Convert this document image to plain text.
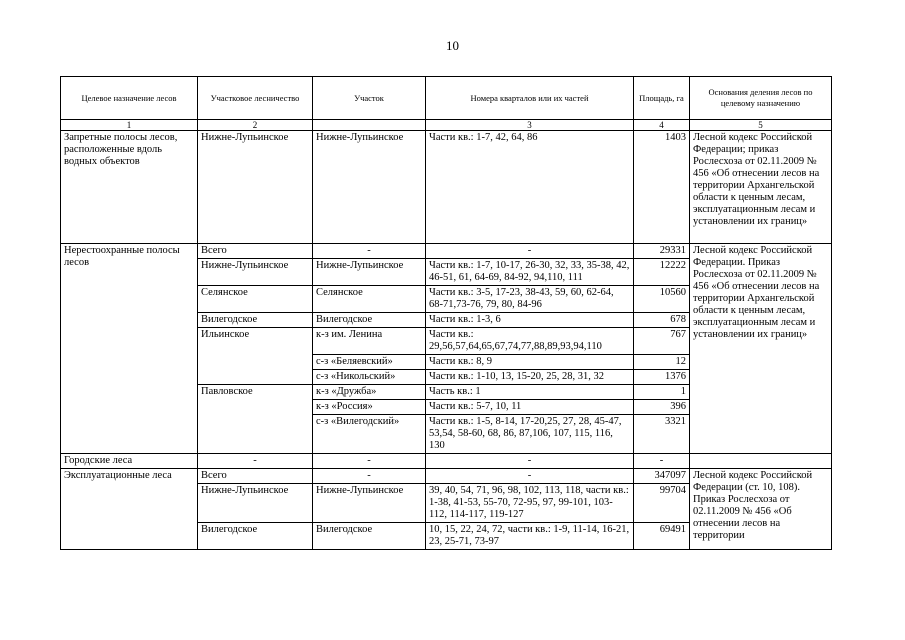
10
Целевое назначение лесов	Участковое лесничество	Участок	Номера кварталов или их частей	Площадь, га	Основания деления лесов по целевому назначению
1	2		3	4	5
Запретные полосы лесов, расположенные вдоль водных объектов	Нижне-Лупьинское	Нижне-Лупьинское	Части кв.: 1-7, 42, 64, 86	1403	Лесной кодекс Российской Федерации; приказ Рослесхоза от 02.11.2009 № 456 «Об отнесении лесов на территории Архангельской области к ценным лесам, эксплуатационным лесам и установлении их границ»
Нерестоохранные полосы лесов	Всего	-	-	29331	Лесной кодекс Российской Федерации. Приказ Рослесхоза от 02.11.2009 № 456 «Об отнесении лесов на территории Архангельской области к ценным лесам, эксплуатационным лесам и установлении их границ»
	Нижне-Лупьинское	Нижне-Лупьинское	Части кв.: 1-7, 10-17, 26-30, 32, 33, 35-38, 42, 46-51, 61, 64-69, 84-92, 94,110, 111	12222	
	Селянское	Селянское	Части кв.: 3-5, 17-23, 38-43, 59, 60, 62-64, 68-71,73-76, 79, 80, 84-96	10560	
	Вилегодское	Вилегодское	Части кв.: 1-3, 6	678	
	Ильинское	к-з им. Ленина	Части кв.: 29,56,57,64,65,67,74,77,88,89,93,94,110	767	
		с-з «Беляевский»	Части кв.: 8, 9	12	
		с-з «Никольский»	Части кв.: 1-10, 13, 15-20, 25, 28, 31, 32	1376	
	Павловское	к-з «Дружба»	Часть кв.: 1	1	
		к-з «Россия»	Части кв.: 5-7, 10, 11	396	
		с-з «Вилегодский»	Части кв.: 1-5, 8-14, 17-20,25, 27, 28, 45-47, 53,54, 58-60, 68, 86, 87,106, 107, 115, 116, 130	3321	
Городские леса	-	-	-	-	
Эксплуатационные леса	Всего	-	-	347097	Лесной кодекс Российской Федерации (ст. 10, 108). Приказ Рослесхоза от 02.11.2009 № 456 «Об отнесении лесов на территории
	Нижне-Лупьинское	Нижне-Лупьинское	39, 40, 54, 71, 96, 98, 102, 113, 118, части кв.: 1-38, 41-53, 55-70, 72-95, 97, 99-101, 103-112, 114-117, 119-127	99704	
	Вилегодское	Вилегодское	10, 15, 22, 24, 72, части кв.: 1-9, 11-14, 16-21, 23, 25-71, 73-97	69491	
